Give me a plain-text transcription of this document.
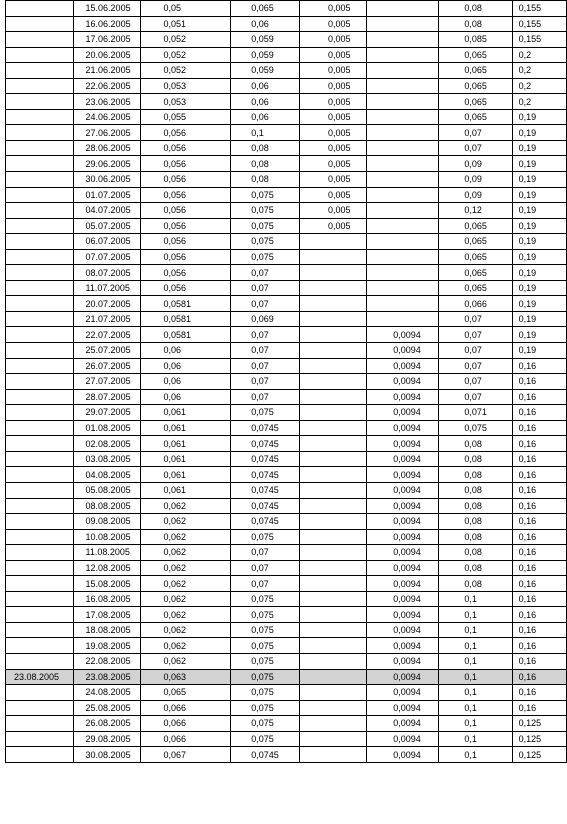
	15.06.2005	0,05	0,065	0,005		0,08	0,155
	16.06.2005	0,051	0,06	0,005		0,08	0,155
	17.06.2005	0,052	0,059	0,005		0,085	0,155
	20.06.2005	0,052	0,059	0,005		0,065	0,2
	21.06.2005	0,052	0,059	0,005		0,065	0,2
	22.06.2005	0,053	0,06	0,005		0,065	0,2
	23.06.2005	0,053	0,06	0,005		0,065	0,2
	24.06.2005	0,055	0,06	0,005		0,065	0,19
	27.06.2005	0,056	0,1	0,005		0,07	0,19
	28.06.2005	0,056	0,08	0,005		0,07	0,19
	29.06.2005	0,056	0,08	0,005		0,09	0,19
	30.06.2005	0,056	0,08	0,005		0,09	0,19
	01.07.2005	0,056	0,075	0,005		0,09	0,19
	04.07.2005	0,056	0,075	0,005		0,12	0,19
	05.07.2005	0,056	0,075	0,005		0,065	0,19
	06.07.2005	0,056	0,075			0,065	0,19
	07.07.2005	0,056	0,075			0,065	0,19
	08.07.2005	0,056	0,07			0,065	0,19
	11.07.2005	0,056	0,07			0,065	0,19
	20.07.2005	0,0581	0,07			0,066	0,19
	21.07.2005	0,0581	0,069			0,07	0,19
	22.07.2005	0,0581	0,07		0,0094	0,07	0,19
	25.07.2005	0,06	0,07		0,0094	0,07	0,19
	26.07.2005	0,06	0,07		0,0094	0,07	0,16
	27.07.2005	0,06	0,07		0,0094	0,07	0,16
	28.07.2005	0,06	0,07		0,0094	0,07	0,16
	29.07.2005	0,061	0,075		0,0094	0,071	0,16
	01.08.2005	0,061	0,0745		0,0094	0,075	0,16
	02.08.2005	0,061	0,0745		0,0094	0,08	0,16
	03.08.2005	0,061	0,0745		0,0094	0,08	0,16
	04.08.2005	0,061	0,0745		0,0094	0,08	0,16
	05.08.2005	0,061	0,0745		0,0094	0,08	0,16
	08.08.2005	0,062	0,0745		0,0094	0,08	0,16
	09.08.2005	0,062	0,0745		0,0094	0,08	0,16
	10.08.2005	0,062	0,075		0,0094	0,08	0,16
	11.08.2005	0,062	0,07		0,0094	0,08	0,16
	12.08.2005	0,062	0,07		0,0094	0,08	0,16
	15.08.2005	0,062	0,07		0,0094	0,08	0,16
	16.08.2005	0,062	0,075		0,0094	0,1	0,16
	17.08.2005	0,062	0,075		0,0094	0,1	0,16
	18.08.2005	0,062	0,075		0,0094	0,1	0,16
	19.08.2005	0,062	0,075		0,0094	0,1	0,16
	22.08.2005	0,062	0,075		0,0094	0,1	0,16
23.08.2005	23.08.2005	0,063	0,075		0,0094	0,1	0,16
	24.08.2005	0,065	0,075		0,0094	0,1	0,16
	25.08.2005	0,066	0,075		0,0094	0,1	0,16
	26.08.2005	0,066	0,075		0,0094	0,1	0,125
	29.08.2005	0,066	0,075		0,0094	0,1	0,125
	30.08.2005	0,067	0,0745		0,0094	0,1	0,125
